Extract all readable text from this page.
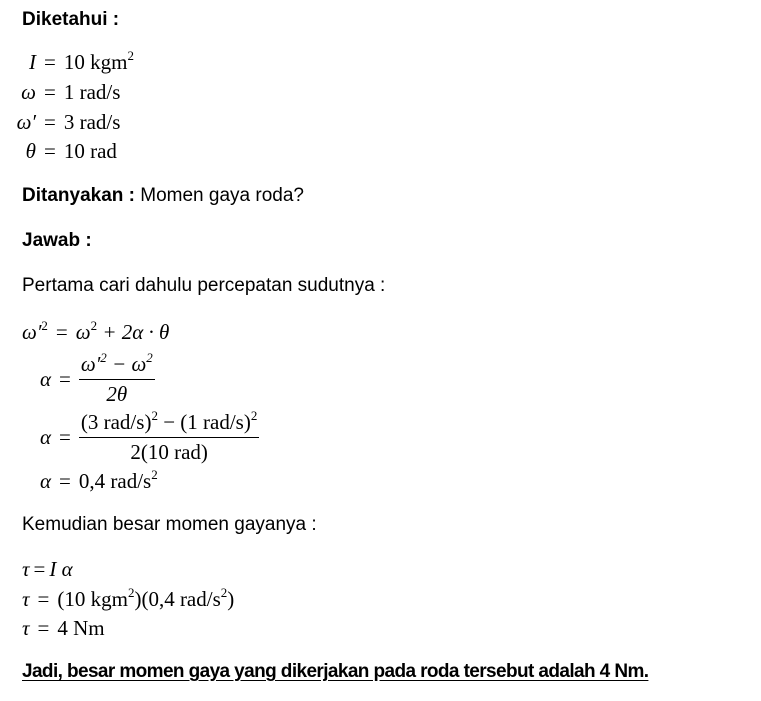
Diketahui :
I = 10 kgm$^2$
ω = 1 rad/s
ω′ = 3 rad/s
θ = 10 rad
Ditanyakan : Momen gaya roda?
Jawab :
Pertama cari dahulu percepatan sudutnya :
$\omega'^2 = \omega^2 + 2\alpha \cdot \theta$
$\alpha = \frac{\omega'^2 - \omega^2}{2\theta}$
$\alpha = \frac{(3 rad/s)^2 - (1 rad/s)^2}{\text{2(10 rad)}}$
α = 0,4 rad/$s^2$
Kemudian besar momen gayanya :
τ = I α
τ = (10 kgm$^2$)(0,4 rad/$s^2$)
τ = 4 Nm
Jadi, besar momen gaya yang dikerjakan pada roda tersebut adalah 4 Nm.
